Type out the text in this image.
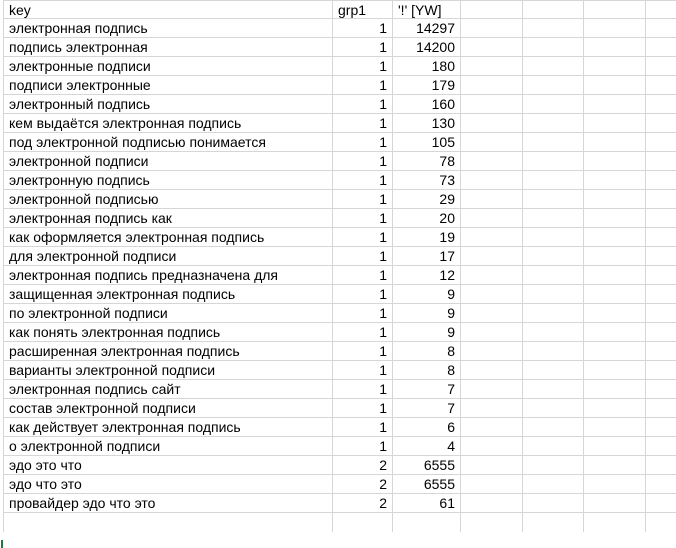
key	grp1	'!' [YW]				
электронная подпись	1	14297				
подпись электронная	1	14200				
электронные подписи	1	180				
подписи электронные	1	179				
электронный подпись	1	160				
кем выдаётся электронная подпись	1	130				
под электронной подписью понимается	1	105				
электронной подписи	1	78				
электронную подпись	1	73				
электронной подписью	1	29				
электронная подпись как	1	20				
как оформляется электронная подпись	1	19				
для электронной подписи	1	17				
электронная подпись предназначена для	1	12				
защищенная электронная подпись	1	9				
по электронной подписи	1	9				
как понять электронная подпись	1	9				
расширенная электронная подпись	1	8				
варианты электронной подписи	1	8				
электронная подпись сайт	1	7				
состав электронной подписи	1	7				
как действует электронная подпись	1	6				
о электронной подписи	1	4				
эдо это что	2	6555				
эдо что это	2	6555				
провайдер эдо что это	2	61				
